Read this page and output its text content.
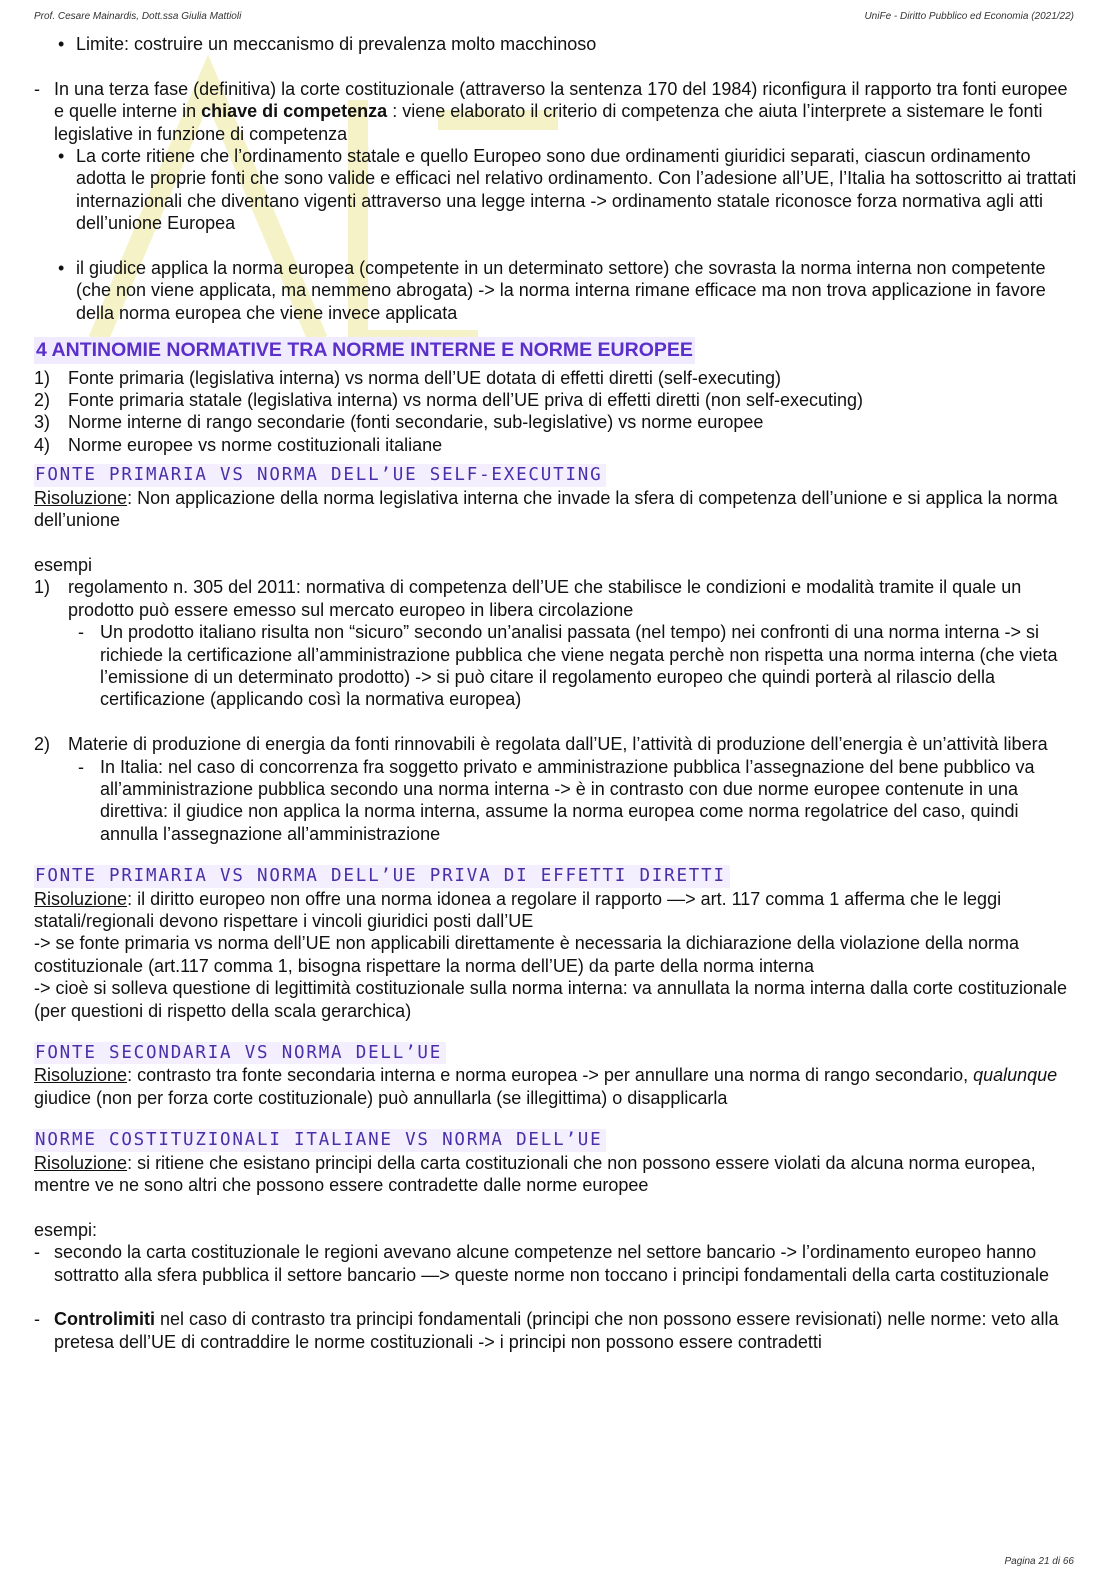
Prof. Cesare Mainardis, Dott.ssa Giulia Mattioli	UniFe - Diritto Pubblico ed Economia (2021/22)

• Limite: costruire un meccanismo di prevalenza molto macchinoso

- In una terza fase (definitiva) la corte costituzionale (attraverso la sentenza 170 del 1984) riconfigura il rapporto tra fonti europee e quelle interne in chiave di competenza : viene elaborato il criterio di competenza che aiuta l’interprete a sistemare le fonti legislative in funzione di competenza

• La corte ritiene che l’ordinamento statale e quello Europeo sono due ordinamenti giuridici separati, ciascun ordinamento adotta le proprie fonti che sono valide e efficaci nel relativo ordinamento. Con l’adesione all’UE, l’Italia ha sottoscritto ai trattati internazionali che diventano vigenti attraverso una legge interna -> ordinamento statale riconosce forza normativa agli atti dell’unione Europea

• il giudice applica la norma europea (competente in un determinato settore) che sovrasta la norma interna non competente (che non viene applicata, ma nemmeno abrogata) -> la norma interna rimane efficace ma non trova applicazione in favore della norma europea che viene invece applicata

4 ANTINOMIE NORMATIVE TRA NORME INTERNE E NORME EUROPEE

1) Fonte primaria (legislativa interna) vs norma dell’UE dotata di effetti diretti (self-executing)

2) Fonte primaria statale (legislativa interna) vs norma dell’UE priva di effetti diretti (non self-executing)

3) Norme interne di rango secondarie (fonti secondarie, sub-legislative) vs norme europee

4) Norme europee vs norme costituzionali italiane

FONTE PRIMARIA VS NORMA DELL’UE SELF-EXECUTING

Risoluzione: Non applicazione della norma legislativa interna che invade la sfera di competenza dell’unione e si applica la norma dell’unione

esempi

1) regolamento n. 305 del 2011: normativa di competenza dell’UE che stabilisce le condizioni e modalità tramite il quale un prodotto può essere emesso sul mercato europeo in libera circolazione

- Un prodotto italiano risulta non “sicuro” secondo un’analisi passata (nel tempo) nei confronti di una norma interna -> si richiede la certificazione all’amministrazione pubblica che viene negata perchè non rispetta una norma interna (che vieta l’emissione di un determinato prodotto) -> si può citare il regolamento europeo che quindi porterà al rilascio della certificazione (applicando così la normativa europea)

2) Materie di produzione di energia da fonti rinnovabili è regolata dall’UE, l’attività di produzione dell’energia è un’attività libera

- In Italia: nel caso di concorrenza fra soggetto privato e amministrazione pubblica l’assegnazione del bene pubblico va all’amministrazione pubblica secondo una norma interna -> è in contrasto con due norme europee contenute in una direttiva: il giudice non applica la norma interna, assume la norma europea come norma regolatrice del caso, quindi annulla l’assegnazione all’amministrazione

FONTE PRIMARIA VS NORMA DELL’UE PRIVA DI EFFETTI DIRETTI

Risoluzione: il diritto europeo non offre una norma idonea a regolare il rapporto —> art. 117 comma 1 afferma che le leggi statali/regionali devono rispettare i vincoli giuridici posti dall’UE

-> se fonte primaria vs norma dell’UE non applicabili direttamente è necessaria la dichiarazione della violazione della norma costituzionale (art.117 comma 1, bisogna rispettare la norma dell’UE) da parte della norma interna

-> cioè si solleva questione di legittimità costituzionale sulla norma interna: va annullata la norma interna dalla corte costituzionale (per questioni di rispetto della scala gerarchica)

FONTE SECONDARIA VS NORMA DELL’UE

Risoluzione: contrasto tra fonte secondaria interna e norma europea -> per annullare una norma di rango secondario, qualunque giudice (non per forza corte costituzionale) può annullarla (se illegittima) o disapplicarla

NORME COSTITUZIONALI ITALIANE VS NORMA DELL’UE

Risoluzione: si ritiene che esistano principi della carta costituzionali che non possono essere violati da alcuna norma europea, mentre ve ne sono altri che possono essere contradette dalle norme europee

esempi:

- secondo la carta costituzionale le regioni avevano alcune competenze nel settore bancario -> l’ordinamento europeo hanno sottratto alla sfera pubblica il settore bancario —> queste norme non toccano i principi fondamentali della carta costituzionale

- Controlimiti nel caso di contrasto tra principi fondamentali (principi che non possono essere revisionati) nelle norme: veto alla pretesa dell’UE di contraddire le norme costituzionali -> i principi non possono essere contradetti

Pagina 21 di 66
